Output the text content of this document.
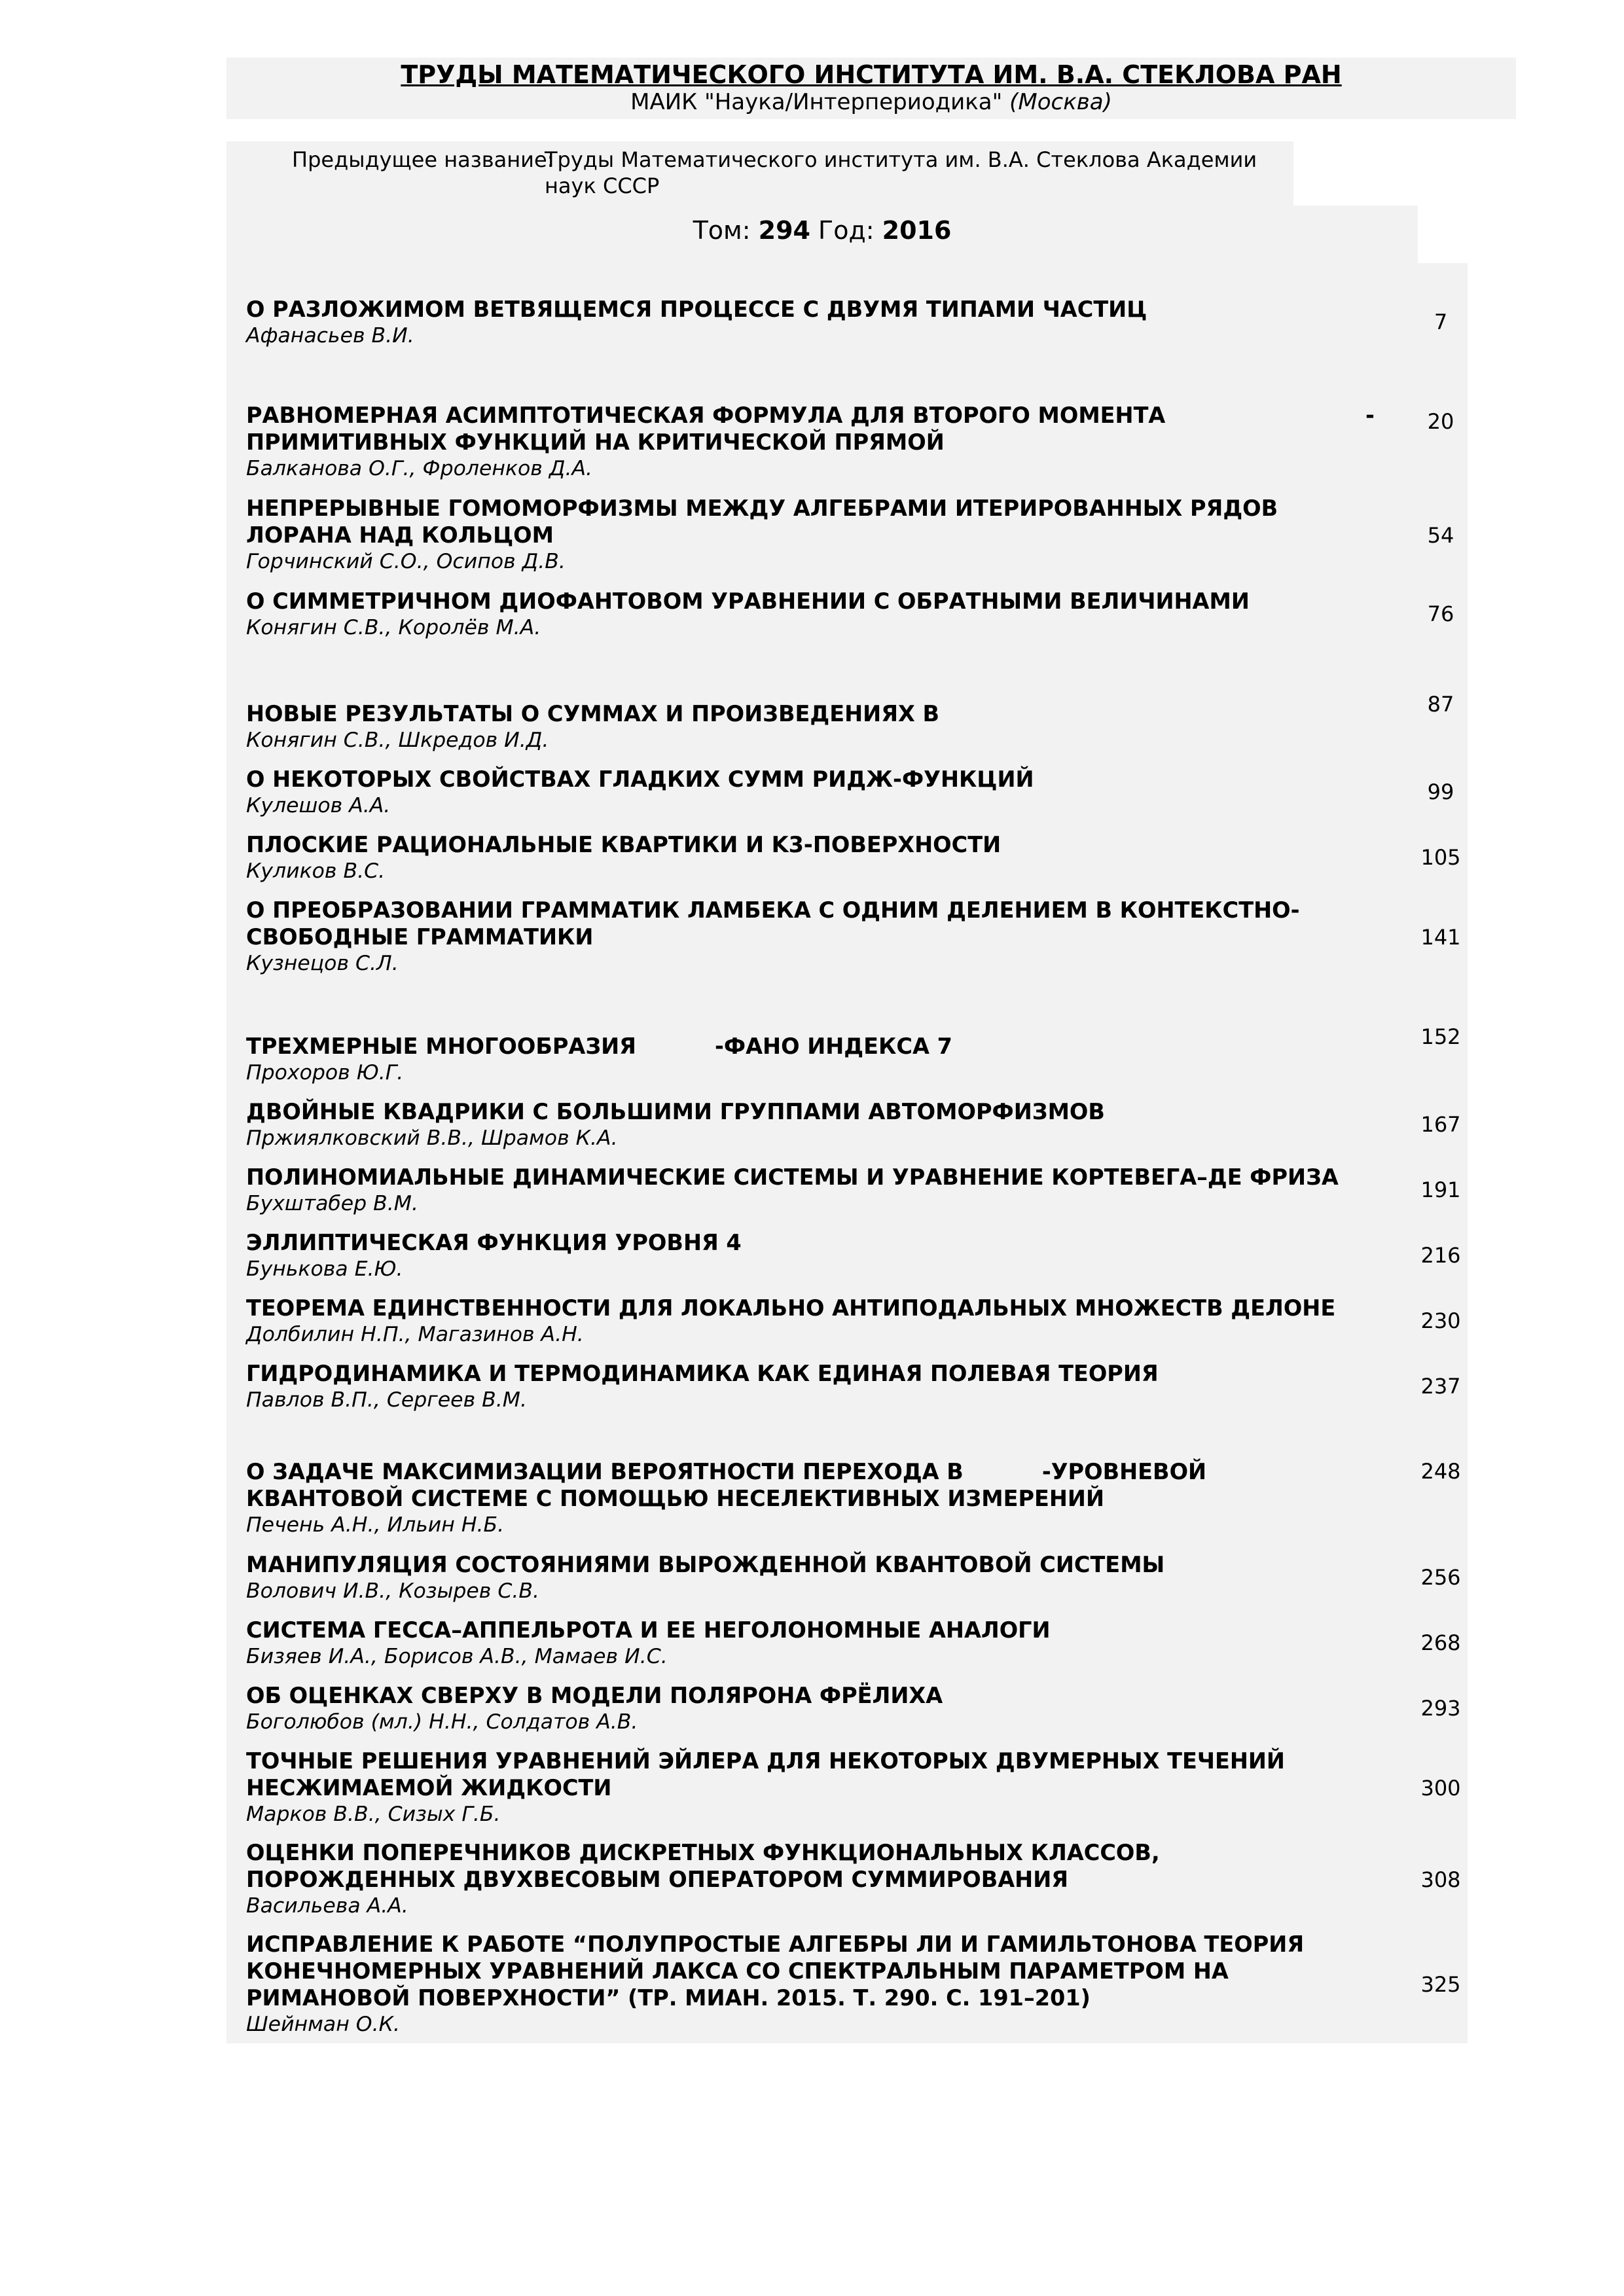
ТРУДЫ МАТЕМАТИЧЕСКОГО ИНСТИТУТА ИМ. В.А. СТЕКЛОВА РАН
МАИК "Наука/Интерпериодика" (Москва)
Предыдущее название:
Труды Математического института им. В.А. Стеклова Академии наук СССР
Том: 294 Год: 2016
О РАЗЛОЖИМОМ ВЕТВЯЩЕМСЯ ПРОЦЕССЕ С ДВУМЯ ТИПАМИ ЧАСТИЦ
Афанасьев В.И.
7
РАВНОМЕРНАЯ АСИМПТОТИЧЕСКАЯ ФОРМУЛА ДЛЯ ВТОРОГО МОМЕНТА ПРИМИТИВНЫХ ФУНКЦИЙ НА КРИТИЧЕСКОЙ ПРЯМОЙ
Балканова О.Г., Фроленков Д.А.
-	20
НЕПРЕРЫВНЫЕ ГОМОМОРФИЗМЫ МЕЖДУ АЛГЕБРАМИ ИТЕРИРОВАННЫХ РЯДОВ ЛОРАНА НАД КОЛЬЦОМ
Горчинский С.О., Осипов Д.В.
54
О СИММЕТРИЧНОМ ДИОФАНТОВОМ УРАВНЕНИИ С ОБРАТНЫМИ ВЕЛИЧИНАМИ
Конягин С.В., Королёв М.А.
76
НОВЫЕ РЕЗУЛЬТАТЫ О СУММАХ И ПРОИЗВЕДЕНИЯХ В
Конягин С.В., Шкредов И.Д.
87
О НЕКОТОРЫХ СВОЙСТВАХ ГЛАДКИХ СУММ РИДЖ-ФУНКЦИЙ
Кулешов А.А.
99
ПЛОСКИЕ РАЦИОНАЛЬНЫЕ КВАРТИКИ И K3-ПОВЕРХНОСТИ
Куликов В.С.
105
О ПРЕОБРАЗОВАНИИ ГРАММАТИК ЛАМБЕКА С ОДНИМ ДЕЛЕНИЕМ В КОНТЕКСТНО-СВОБОДНЫЕ ГРАММАТИКИ
Кузнецов С.Л.
141
ТРЕХМЕРНЫЕ МНОГООБРАЗИЯ	-ФАНО ИНДЕКСА 7
Прохоров Ю.Г.
152
ДВОЙНЫЕ КВАДРИКИ С БОЛЬШИМИ ГРУППАМИ АВТОМОРФИЗМОВ
Пржиялковский В.В., Шрамов К.А.
167
ПОЛИНОМИАЛЬНЫЕ ДИНАМИЧЕСКИЕ СИСТЕМЫ И УРАВНЕНИЕ КОРТЕВЕГА–ДЕ ФРИЗА
Бухштабер В.М.
191
ЭЛЛИПТИЧЕСКАЯ ФУНКЦИЯ УРОВНЯ 4
Бунькова Е.Ю.
216
ТЕОРЕМА ЕДИНСТВЕННОСТИ ДЛЯ ЛОКАЛЬНО АНТИПОДАЛЬНЫХ МНОЖЕСТВ ДЕЛОНЕ
Долбилин Н.П., Магазинов А.Н.
230
ГИДРОДИНАМИКА И ТЕРМОДИНАМИКА КАК ЕДИНАЯ ПОЛЕВАЯ ТЕОРИЯ
Павлов В.П., Сергеев В.М.
237
О ЗАДАЧЕ МАКСИМИЗАЦИИ ВЕРОЯТНОСТИ ПЕРЕХОДА В	-УРОВНЕВОЙ КВАНТОВОЙ СИСТЕМЕ С ПОМОЩЬЮ НЕСЕЛЕКТИВНЫХ ИЗМЕРЕНИЙ
Печень А.Н., Ильин Н.Б.
248
МАНИПУЛЯЦИЯ СОСТОЯНИЯМИ ВЫРОЖДЕННОЙ КВАНТОВОЙ СИСТЕМЫ
Волович И.В., Козырев С.В.
256
СИСТЕМА ГЕССА–АППЕЛЬРОТА И ЕЕ НЕГОЛОНОМНЫЕ АНАЛОГИ
Бизяев И.А., Борисов А.В., Мамаев И.С.
268
ОБ ОЦЕНКАХ СВЕРХУ В МОДЕЛИ ПОЛЯРОНА ФРЁЛИХА
Боголюбов (мл.) Н.Н., Солдатов А.В.
293
ТОЧНЫЕ РЕШЕНИЯ УРАВНЕНИЙ ЭЙЛЕРА ДЛЯ НЕКОТОРЫХ ДВУМЕРНЫХ ТЕЧЕНИЙ НЕСЖИМАЕМОЙ ЖИДКОСТИ
Марков В.В., Сизых Г.Б.
300
ОЦЕНКИ ПОПЕРЕЧНИКОВ ДИСКРЕТНЫХ ФУНКЦИОНАЛЬНЫХ КЛАССОВ, ПОРОЖДЕННЫХ ДВУХВЕСОВЫМ ОПЕРАТОРОМ СУММИРОВАНИЯ
Васильева А.А.
308
ИСПРАВЛЕНИЕ К РАБОТЕ “ПОЛУПРОСТЫЕ АЛГЕБРЫ ЛИ И ГАМИЛЬТОНОВА ТЕОРИЯ КОНЕЧНОМЕРНЫХ УРАВНЕНИЙ ЛАКСА СО СПЕКТРАЛЬНЫМ ПАРАМЕТРОМ НА РИМАНОВОЙ ПОВЕРХНОСТИ” (ТР. МИАН. 2015. Т. 290. С. 191–201)
Шейнман О.К.
325
